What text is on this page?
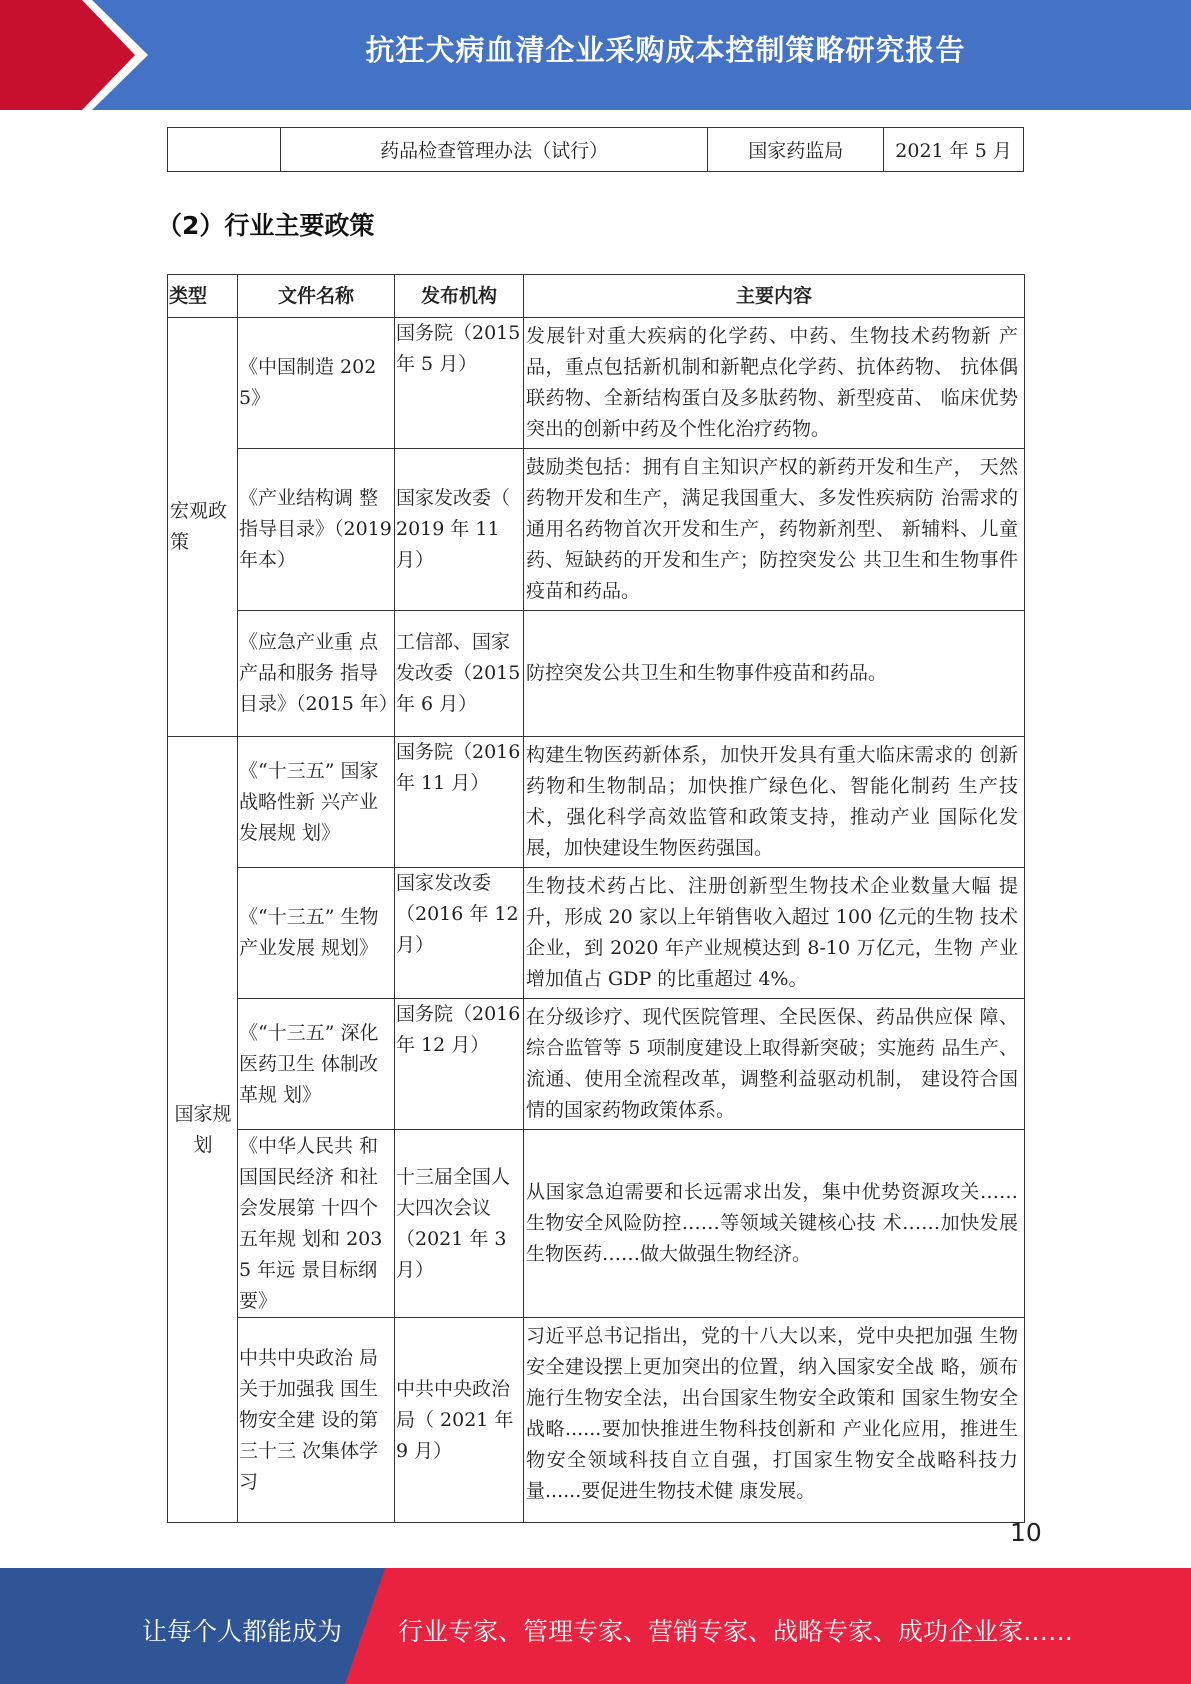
抗狂犬病血清企业采购成本控制策略研究报告
	药品检查管理办法（试行）	国家药监局	2021 年 5 月
（2）行业主要政策
类型	文件名称	发布机构	主要内容
宏观政策	《中国制造 2025》	国务院（2015 年 5 月）	发展针对重大疾病的化学药、中药、生物技术药物新 产品，重点包括新机制和新靶点化学药、抗体药物、 抗体偶联药物、全新结构蛋白及多肽药物、新型疫苗、 临床优势突出的创新中药及个性化治疗药物。
	《产业结构调 整指导目录》（2019 年本）	国家发改委（ 2019 年 11 月）	鼓励类包括：拥有自主知识产权的新药开发和生产， 天然药物开发和生产，满足我国重大、多发性疾病防 治需求的通用名药物首次开发和生产，药物新剂型、 新辅料、儿童药、短缺药的开发和生产；防控突发公 共卫生和生物事件疫苗和药品。
	《应急产业重 点产品和服务 指导目录》（2015 年）	工信部、国家发改委（2015 年 6 月）	防控突发公共卫生和生物事件疫苗和药品。
国家规划	《“十三五” 国家战略性新 兴产业发展规 划》	国务院（2016 年 11 月）	构建生物医药新体系，加快开发具有重大临床需求的 创新药物和生物制品；加快推广绿色化、智能化制药 生产技术，强化科学高效监管和政策支持，推动产业 国际化发展，加快建设生物医药强国。
	《“十三五” 生物产业发展 规划》	国家发改委（2016 年 12 月）	生物技术药占比、注册创新型生物技术企业数量大幅 提升，形成 20 家以上年销售收入超过 100 亿元的生物 技术企业，到 2020 年产业规模达到 8-10 万亿元，生物 产业增加值占 GDP 的比重超过 4%。
	《“十三五” 深化医药卫生 体制改革规 划》	国务院（2016 年 12 月）	在分级诊疗、现代医院管理、全民医保、药品供应保 障、综合监管等 5 项制度建设上取得新突破；实施药 品生产、流通、使用全流程改革，调整利益驱动机制， 建设符合国情的国家药物政策体系。
	《中华人民共 和国国民经济 和社会发展第 十四个五年规 划和 2035 年远 景目标纲要》	十三届全国人大四次会议（2021 年 3 月）	从国家急迫需要和长远需求出发，集中优势资源攻关……生物安全风险防控……等领域关键核心技 术……加快发展生物医药……做大做强生物经济。
	中共中央政治 局关于加强我 国生物安全建 设的第三十三 次集体学习	中共中央政治局（ 2021 年 9 月）	习近平总书记指出，党的十八大以来，党中央把加强 生物安全建设摆上更加突出的位置，纳入国家安全战 略，颁布施行生物安全法，出台国家生物安全政策和 国家生物安全战略......要加快推进生物科技创新和 产业化应用，推进生物安全领域科技自立自强，打国家生物安全战略科技力量......要促进生物技术健 康发展。
10
让每个人都能成为 行业专家、管理专家、营销专家、战略专家、成功企业家……
